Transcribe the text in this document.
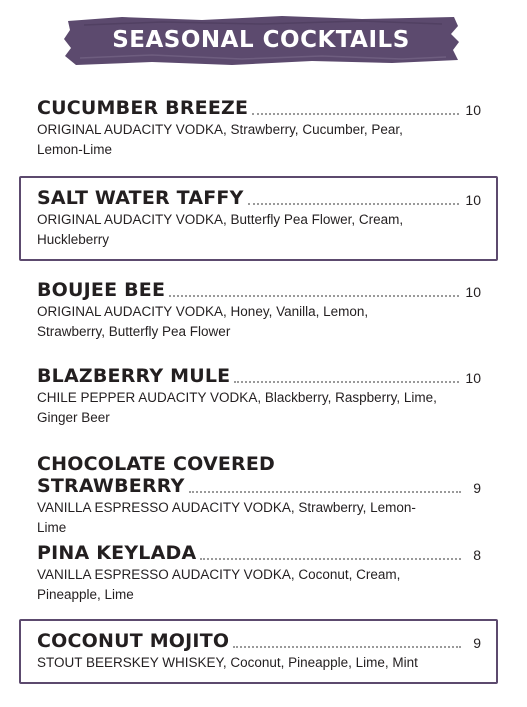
SEASONAL COCKTAILS
CUCUMBER BREEZE	10
ORIGINAL AUDACITY VODKA, Strawberry, Cucumber, Pear, Lemon-Lime
SALT WATER TAFFY	10
ORIGINAL AUDACITY VODKA, Butterfly Pea Flower, Cream, Huckleberry
BOUJEE BEE	10
ORIGINAL AUDACITY VODKA, Honey, Vanilla, Lemon, Strawberry, Butterfly Pea Flower
BLAZBERRY MULE	10
CHILE PEPPER AUDACITY VODKA, Blackberry, Raspberry, Lime, Ginger Beer
CHOCOLATE COVERED
STRAWBERRY	9
VANILLA ESPRESSO AUDACITY VODKA, Strawberry, Lemon-Lime
PINA KEYLADA	8
VANILLA ESPRESSO AUDACITY VODKA, Coconut, Cream, Pineapple, Lime
COCONUT MOJITO	9
STOUT BEERSKEY WHISKEY, Coconut, Pineapple, Lime, Mint
